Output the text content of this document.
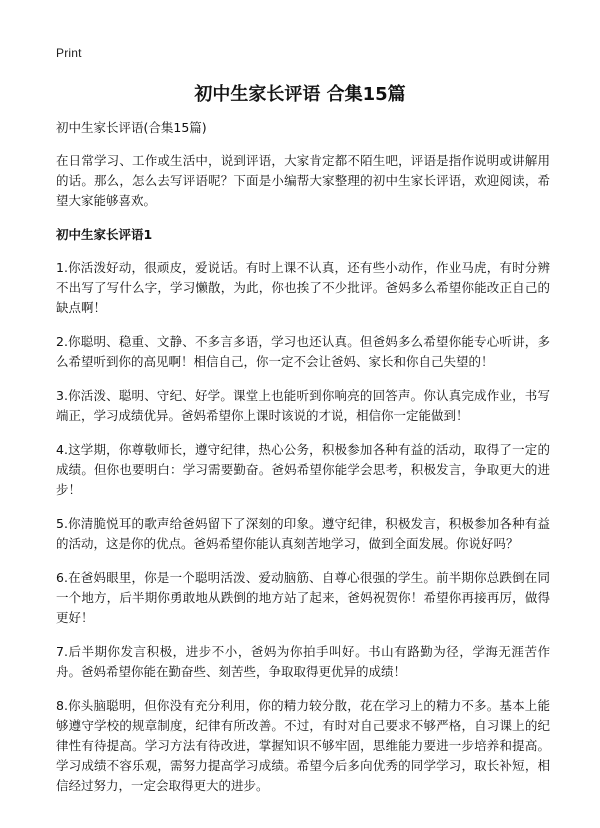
Print
初中生家长评语 合集15篇

初中生家长评语(合集15篇)

在日常学习、工作或生活中，说到评语，大家肯定都不陌生吧，评语是指作说明或讲解用的话。那么，怎么去写评语呢？下面是小编帮大家整理的初中生家长评语，欢迎阅读，希望大家能够喜欢。

初中生家长评语1

1.你活泼好动，很顽皮，爱说话。有时上课不认真，还有些小动作，作业马虎，有时分辨不出写了写什么字，学习懒散，为此，你也挨了不少批评。爸妈多么希望你能改正自己的缺点啊！

2.你聪明、稳重、文静、不多言多语，学习也还认真。但爸妈多么希望你能专心听讲，多么希望听到你的高见啊！相信自己，你一定不会让爸妈、家长和你自己失望的！

3.你活泼、聪明、守纪、好学。课堂上也能听到你响亮的回答声。你认真完成作业，书写端正，学习成绩优异。爸妈希望你上课时该说的才说，相信你一定能做到！

4.这学期，你尊敬师长，遵守纪律，热心公务，积极参加各种有益的活动，取得了一定的成绩。但你也要明白：学习需要勤奋。爸妈希望你能学会思考，积极发言，争取更大的进步！

5.你清脆悦耳的歌声给爸妈留下了深刻的印象。遵守纪律，积极发言，积极参加各种有益的活动，这是你的优点。爸妈希望你能认真刻苦地学习，做到全面发展。你说好吗？

6.在爸妈眼里，你是一个聪明活泼、爱动脑筋、自尊心很强的学生。前半期你总跌倒在同一个地方，后半期你勇敢地从跌倒的地方站了起来，爸妈祝贺你！希望你再接再厉，做得更好！

7.后半期你发言积极，进步不小，爸妈为你拍手叫好。书山有路勤为径，学海无涯苦作舟。爸妈希望你能在勤奋些、刻苦些，争取取得更优异的成绩！

8.你头脑聪明，但你没有充分利用，你的精力较分散，花在学习上的精力不多。基本上能够遵守学校的规章制度，纪律有所改善。不过，有时对自己要求不够严格，自习课上的纪律性有待提高。学习方法有待改进，掌握知识不够牢固，思维能力要进一步培养和提高。学习成绩不容乐观，需努力提高学习成绩。希望今后多向优秀的同学学习，取长补短，相信经过努力，一定会取得更大的进步。
